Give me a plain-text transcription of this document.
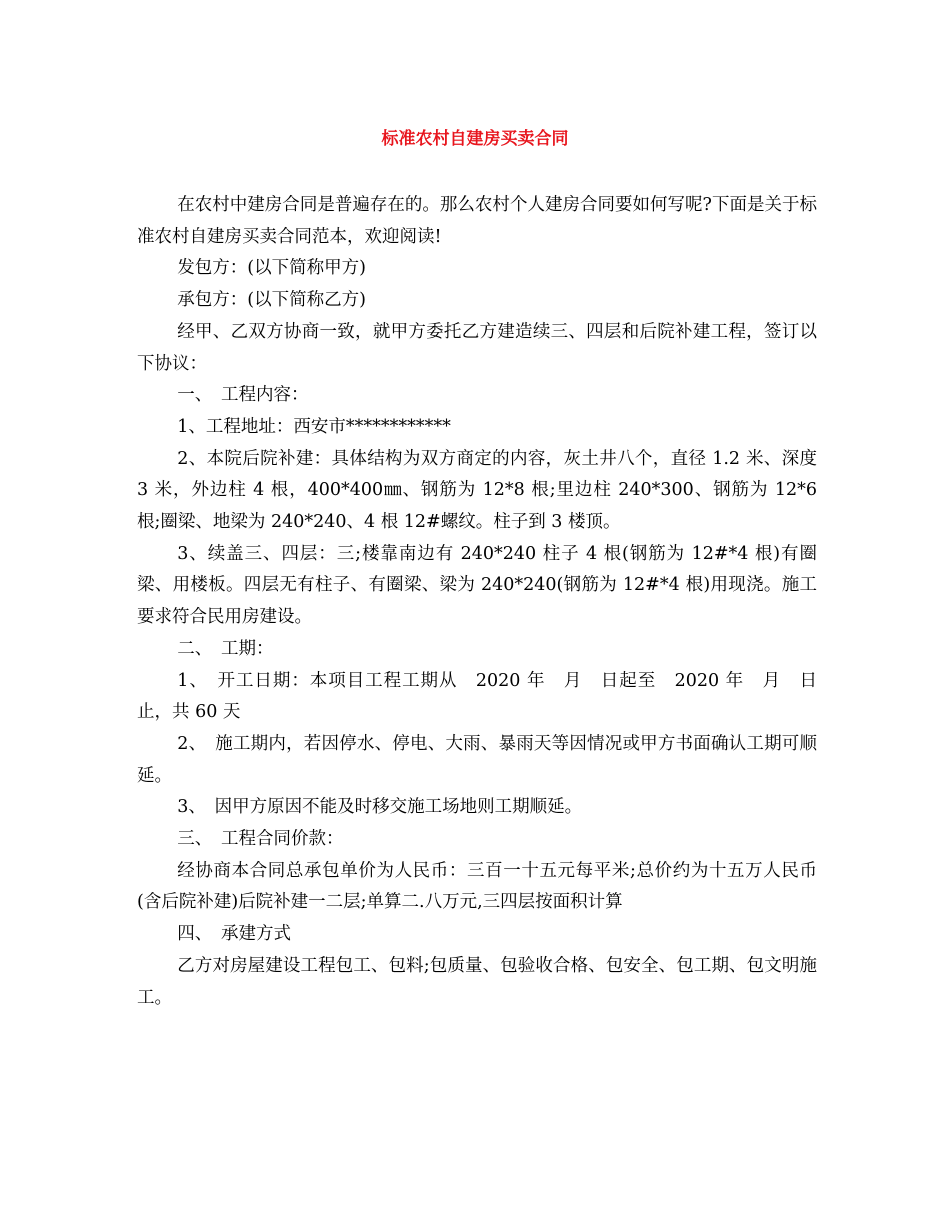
标准农村自建房买卖合同

在农村中建房合同是普遍存在的。那么农村个人建房合同要如何写呢?下面是关于标准农村自建房买卖合同范本，欢迎阅读!

发包方：(以下简称甲方)

承包方：(以下简称乙方)

经甲、乙双方协商一致，就甲方委托乙方建造续三、四层和后院补建工程，签订以下协议：

一、　工程内容：

1、工程地址：西安市************

2、本院后院补建：具体结构为双方商定的内容，灰土井八个，直径 1.2 米、深度 3 米，外边柱 4 根，400*400㎜、钢筋为 12*8 根;里边柱 240*300、钢筋为 12*6 根;圈梁、地梁为 240*240、4 根 12#螺纹。柱子到 3 楼顶。

3、续盖三、四层：三;楼靠南边有 240*240 柱子 4 根(钢筋为 12#*4 根)有圈梁、用楼板。四层无有柱子、有圈梁、梁为 240*240(钢筋为 12#*4 根)用现浇。施工要求符合民用房建设。

二、　工期：

1、　开工日期：本项目工程工期从　2020 年　月　日起至　2020 年　月　日止，共 60 天

2、　施工期内，若因停水、停电、大雨、暴雨天等因情况或甲方书面确认工期可顺延。

3、　因甲方原因不能及时移交施工场地则工期顺延。

三、　工程合同价款：

经协商本合同总承包单价为人民币：三百一十五元每平米;总价约为十五万人民币(含后院补建)后院补建一二层;单算二.八万元,三四层按面积计算

四、　承建方式

乙方对房屋建设工程包工、包料;包质量、包验收合格、包安全、包工期、包文明施工。
